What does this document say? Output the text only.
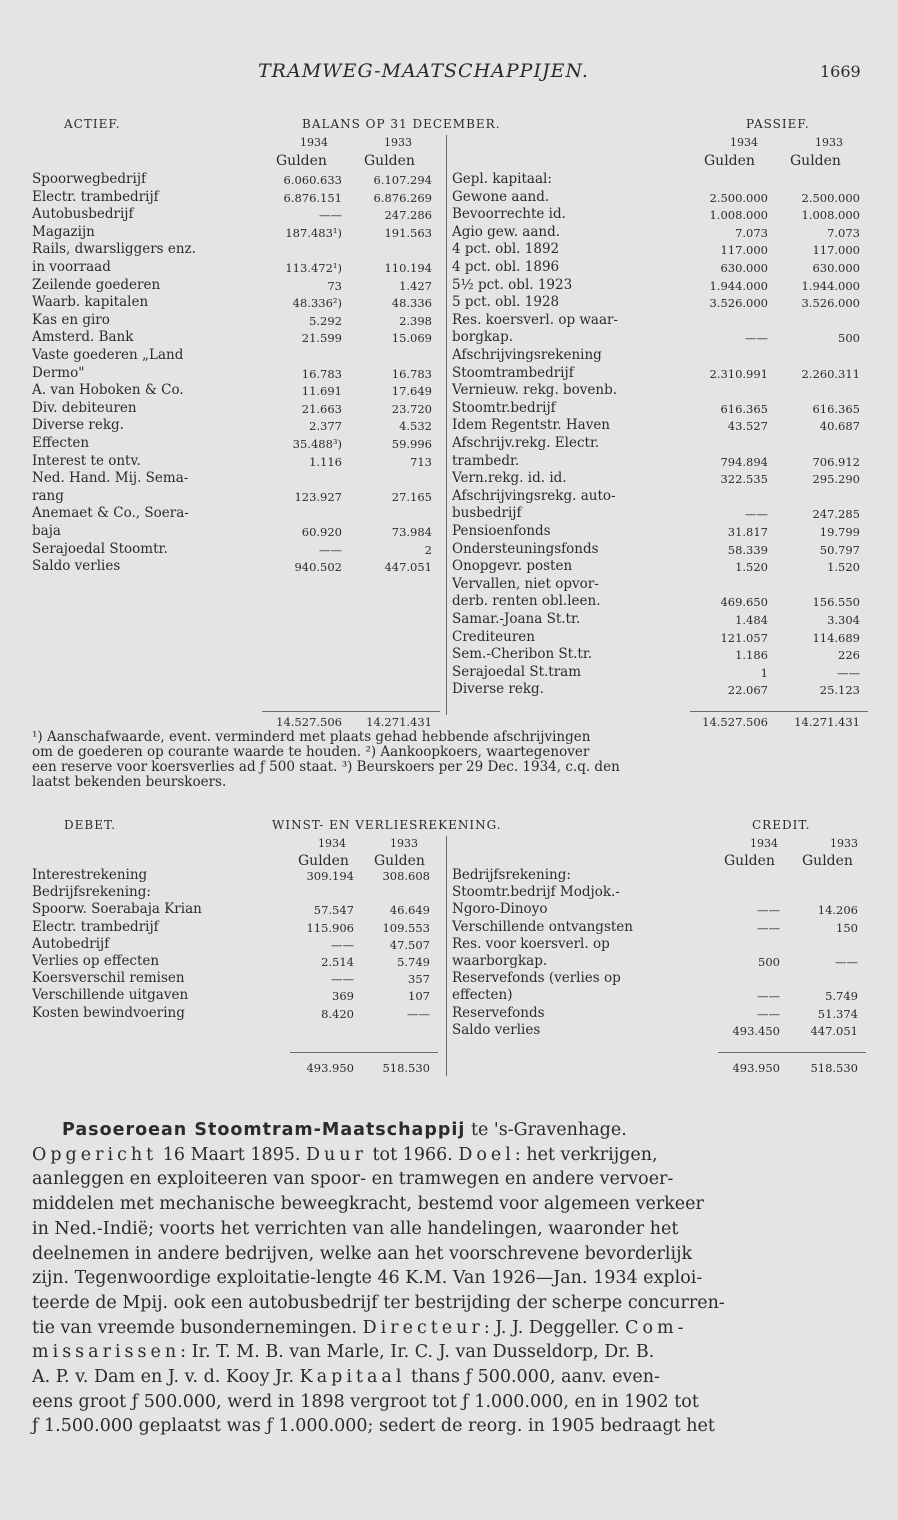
TRAMWEG-MAATSCHAPPIJEN.	1669
ACTIEF.	BALANS OP 31 DECEMBER.	PASSIEF.
1934	1933
Gulden	Gulden
1934	1933
Gulden	Gulden
Spoorwegbedrijf	6.060.633	6.107.294
Electr. trambedrijf	6.876.151	6.876.269
Autobusbedrijf	——	247.286
Magazijn	187.483¹)	191.563
Rails, dwarsliggers enz.
in voorraad	113.472¹)	110.194
Zeilende goederen	73	1.427
Waarb. kapitalen	48.336²)	48.336
Kas en giro	5.292	2.398
Amsterd. Bank	21.599	15.069
Vaste goederen „Land
Dermo"	16.783	16.783
A. van Hoboken & Co.	11.691	17.649
Div. debiteuren	21.663	23.720
Diverse rekg.	2.377	4.532
Effecten	35.488³)	59.996
Interest te ontv.	1.116	713
Ned. Hand. Mij. Sema-
rang	123.927	27.165
Anemaet & Co., Soera-
baja	60.920	73.984
Serajoedal Stoomtr.	——	2
Saldo verlies	940.502	447.051
Gepl. kapitaal:
Gewone aand.	2.500.000	2.500.000
Bevoorrechte id.	1.008.000	1.008.000
Agio gew. aand.	7.073	7.073
4 pct. obl. 1892	117.000	117.000
4 pct. obl. 1896	630.000	630.000
5½ pct. obl. 1923	1.944.000	1.944.000
5 pct. obl. 1928	3.526.000	3.526.000
Res. koersverl. op waar-
borgkap.	——	500
Afschrijvingsrekening
Stoomtrambedrijf	2.310.991	2.260.311
Vernieuw. rekg. bovenb.
Stoomtr.bedrijf	616.365	616.365
Idem Regentstr. Haven	43.527	40.687
Afschrijv.rekg. Electr.
trambedr.	794.894	706.912
Vern.rekg. id. id.	322.535	295.290
Afschrijvingsrekg. auto-
busbedrijf	——	247.285
Pensioenfonds	31.817	19.799
Ondersteuningsfonds	58.339	50.797
Onopgevr. posten	1.520	1.520
Vervallen, niet opvor-
derb. renten obl.leen.	469.650	156.550
Samar.-Joana St.tr.	1.484	3.304
Crediteuren	121.057	114.689
Sem.-Cheribon St.tr.	1.186	226
Serajoedal St.tram	1	——
Diverse rekg.	22.067	25.123
14.527.506	14.271.431	14.527.506	14.271.431
¹) Aanschafwaarde, event. verminderd met plaats gehad hebbende afschrijvingen
om de goederen op courante waarde te houden. ²) Aankoopkoers, waartegenover
een reserve voor koersverlies ad ƒ 500 staat. ³) Beurskoers per 29 Dec. 1934, c.q. den
laatst bekenden beurskoers.
DEBET.	WINST- EN VERLIESREKENING.	CREDIT.
1934	1933
Gulden Gulden
1934	1933
Gulden Gulden
Interestrekening	309.194	308.608
Bedrijfsrekening:
Spoorw. Soerabaja Krian	57.547	46.649
Electr. trambedrijf	115.906	109.553
Autobedrijf	——	47.507
Verlies op effecten	2.514	5.749
Koersverschil remisen	——	357
Verschillende uitgaven	369	107
Kosten bewindvoering	8.420	——
Bedrijfsrekening:
Stoomtr.bedrijf Modjok.-
Ngoro-Dinoyo	——	14.206
Verschillende ontvangsten	——	150
Res. voor koersverl. op
waarborgkap.	500	——
Reservefonds (verlies op
effecten)	——	5.749
Reservefonds	——	51.374
Saldo verlies	493.450	447.051
493.950	518.530	493.950	518.530
Pasoeroean Stoomtram-Maatschappij te 's-Gravenhage.
Opgericht 16 Maart 1895. Duur tot 1966. Doel: het verkrijgen,
aanleggen en exploiteeren van spoor- en tramwegen en andere vervoer-
middelen met mechanische beweegkracht, bestemd voor algemeen verkeer
in Ned.-Indië; voorts het verrichten van alle handelingen, waaronder het
deelnemen in andere bedrijven, welke aan het voorschrevene bevorderlijk
zijn. Tegenwoordige exploitatie-lengte 46 K.M. Van 1926—Jan. 1934 exploi-
teerde de Mpij. ook een autobusbedrijf ter bestrijding der scherpe concurren-
tie van vreemde busondernemingen. Directeur: J. J. Deggeller. Com-
missarissen: Ir. T. M. B. van Marle, Ir. C. J. van Dusseldorp, Dr. B.
A. P. v. Dam en J. v. d. Kooy Jr. Kapitaal thans ƒ 500.000, aanv. even-
eens groot ƒ 500.000, werd in 1898 vergroot tot ƒ 1.000.000, en in 1902 tot
ƒ 1.500.000 geplaatst was ƒ 1.000.000; sedert de reorg. in 1905 bedraagt het
